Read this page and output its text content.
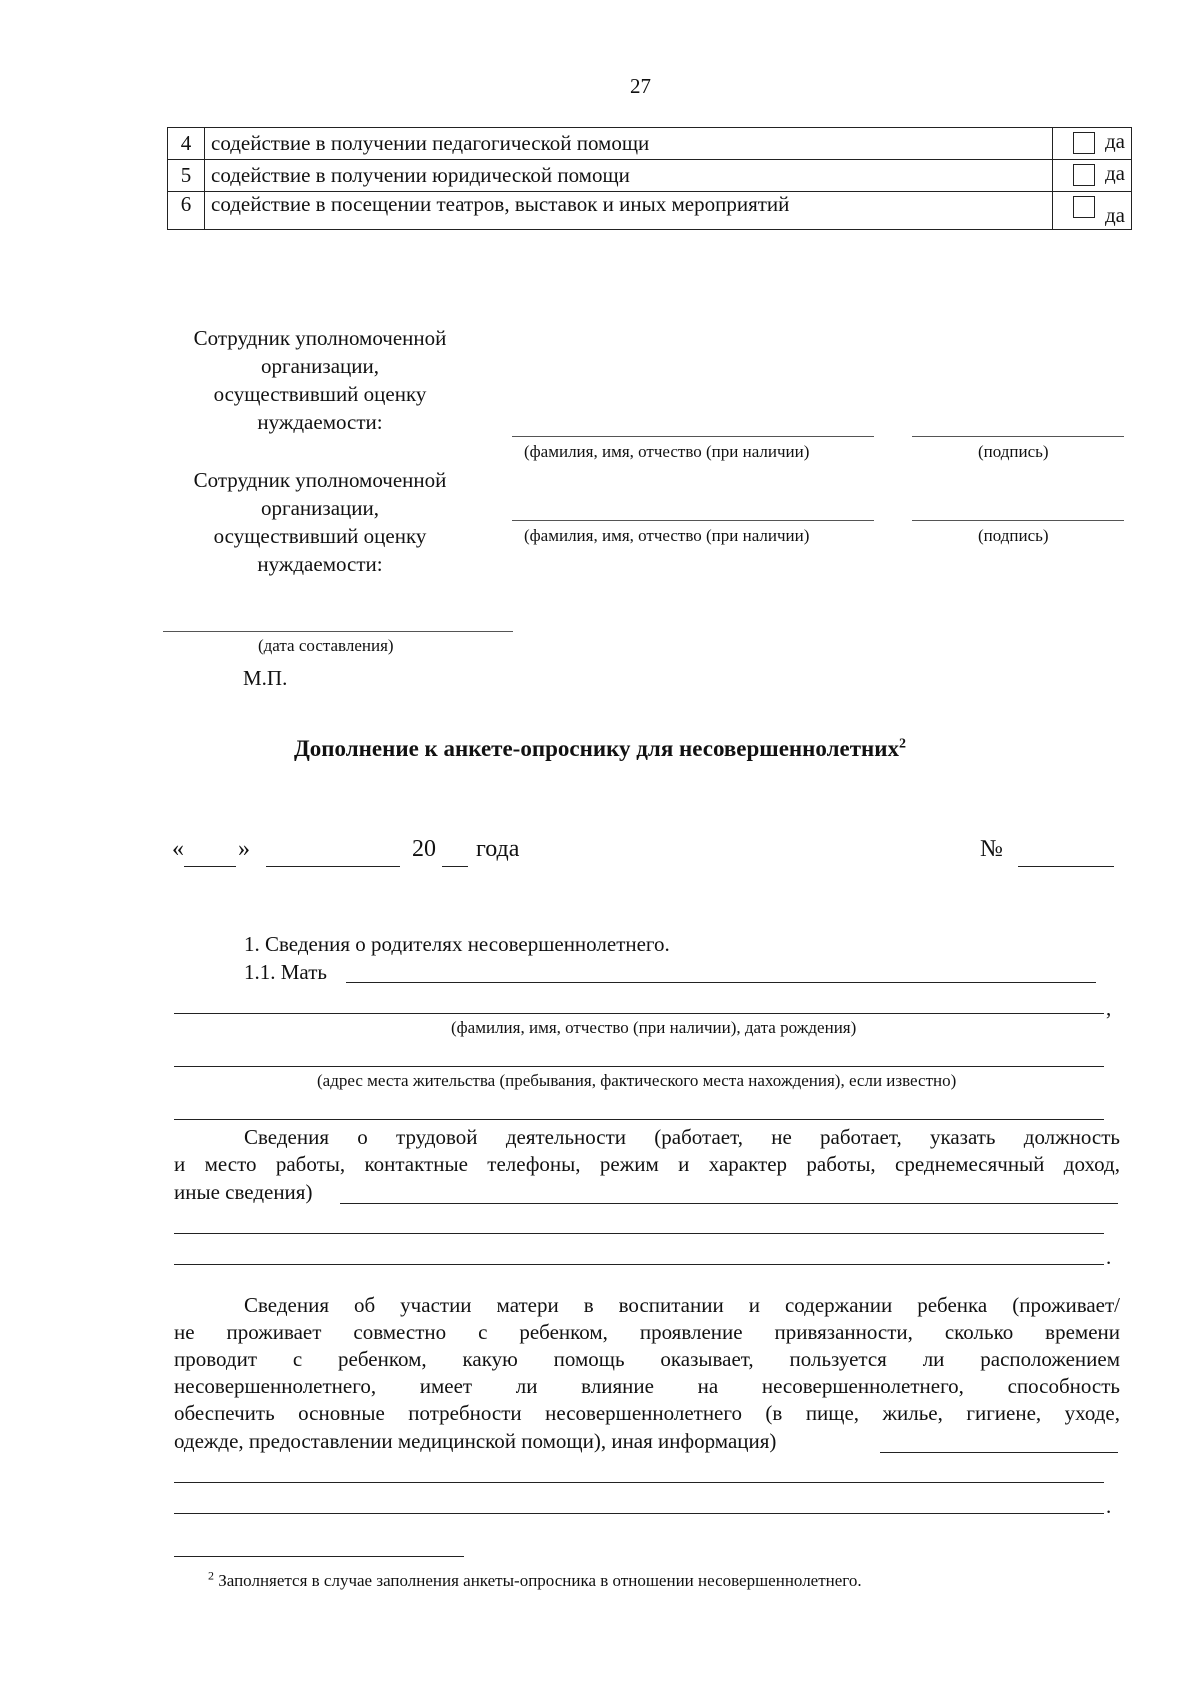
27
4	содействие в получении педагогической помощи	да

5	содействие в получении юридической помощи	да

6	содействие в посещении театров, выставок и иных мероприятий	да
Сотрудник уполномоченной
организации,
осуществивший оценку
нуждаемости:
(фамилия, имя, отчество (при наличии)	(подпись)
Сотрудник уполномоченной
организации,
осуществивший оценку
нуждаемости:
(фамилия, имя, отчество (при наличии)	(подпись)
(дата составления)
М.П.
Дополнение к анкете-опроснику для несовершеннолетних$^2$
« »	20 года	№
1. Сведения о родителях несовершеннолетнего.
1.1. Мать
,
(фамилия, имя, отчество (при наличии), дата рождения)
(адрес места жительства (пребывания, фактического места нахождения), если известно)
Сведения о трудовой деятельности (работает, не работает, указать должность
и место работы, контактные телефоны, режим и характер работы, среднемесячный доход,
иные сведения)
.
Сведения об участии матери в воспитании и содержании ребенка (проживает/
не проживает совместно с ребенком, проявление привязанности, сколько времени
проводит с ребенком, какую помощь оказывает, пользуется ли расположением
несовершеннолетнего, имеет ли влияние на несовершеннолетнего, способность
обеспечить основные потребности несовершеннолетнего (в пище, жилье, гигиене, уходе,
одежде, предоставлении медицинской помощи), иная информация)
.
$^2$ Заполняется в случае заполнения анкеты-опросника в отношении несовершеннолетнего.
